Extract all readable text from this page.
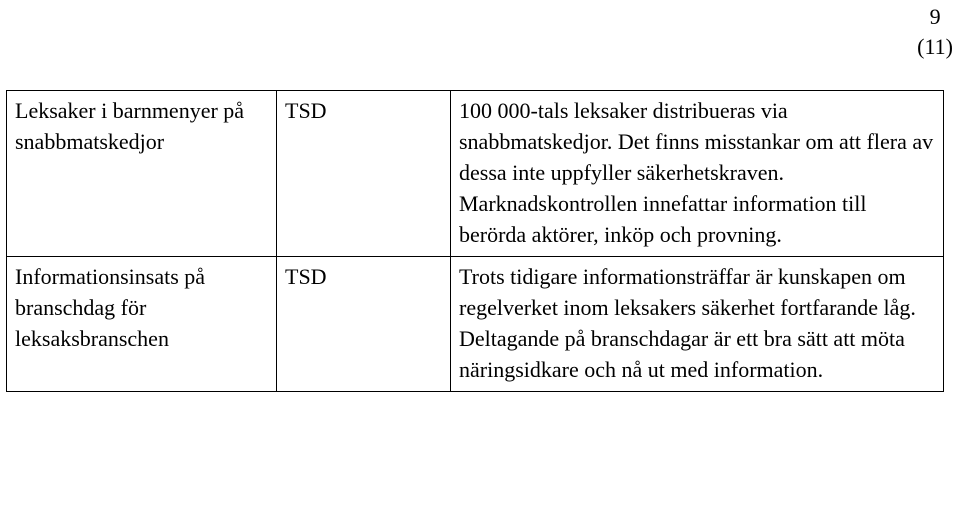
9
(11)
Leksaker i barnmenyer på snabbmatskedjor	TSD	100 000-tals leksaker distribueras via snabbmatskedjor. Det finns misstankar om att flera av dessa inte uppfyller säkerhetskraven. Marknadskontrollen innefattar information till berörda aktörer, inköp och provning.

Informationsinsats på branschdag för leksaksbranschen	TSD	Trots tidigare informationsträffar är kunskapen om regelverket inom leksakers säkerhet fortfarande låg. Deltagande på branschdagar är ett bra sätt att möta näringsidkare och nå ut med information.
